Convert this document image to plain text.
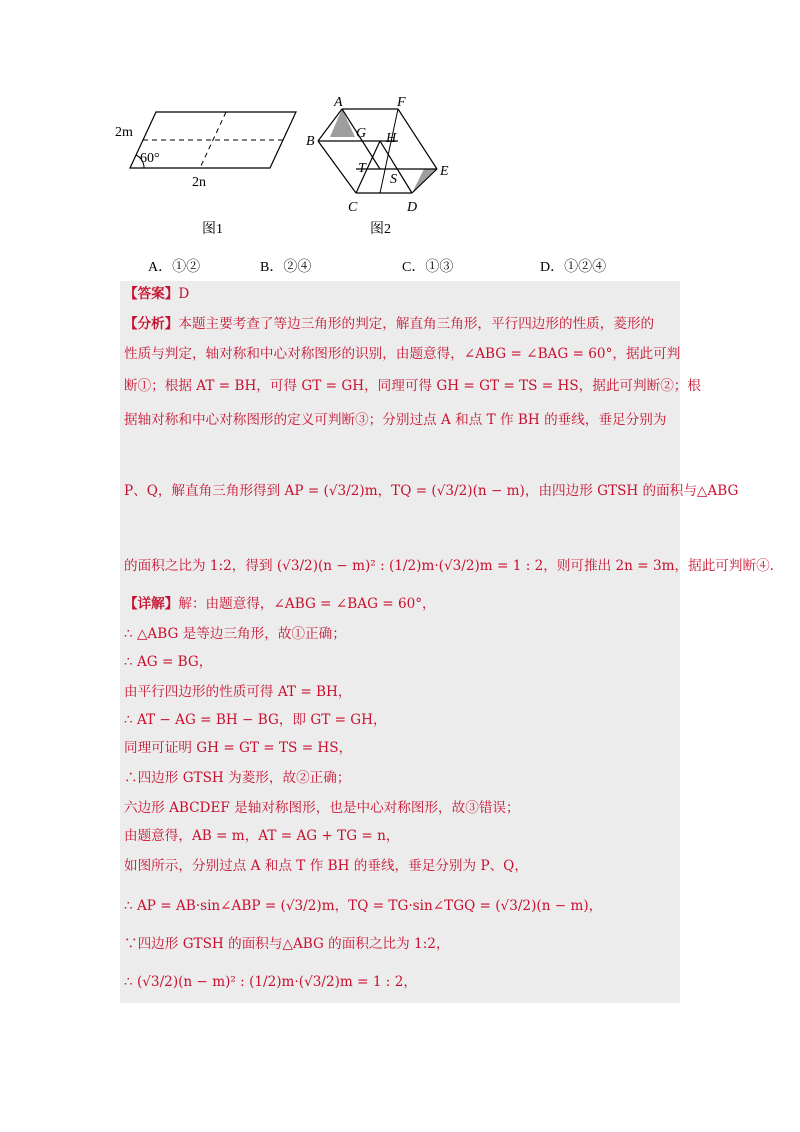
2m
60°
2n
图1
A	F
B
G H
T
S
E
C	D
图2
A．①②	B．②④	C．①③	D．①②④
【答案】D
【分析】本题主要考查了等边三角形的判定，解直角三角形，平行四边形的性质，菱形的
性质与判定，轴对称和中心对称图形的识别，由题意得，∠ABG = ∠BAG = 60°，据此可判
断①；根据 AT = BH，可得 GT = GH，同理可得 GH = GT = TS = HS，据此可判断②；根
据轴对称和中心对称图形的定义可判断③；分别过点 A 和点 T 作 BH 的垂线，垂足分别为
P、Q，解直角三角形得到 AP = (√3/2)m，TQ = (√3/2)(n − m)，由四边形 GTSH 的面积与△ABG
的面积之比为 1:2，得到 (√3/2)(n − m)² : (1/2)m·(√3/2)m = 1 : 2，则可推出 2n = 3m，据此可判断④.
【详解】解：由题意得，∠ABG = ∠BAG = 60°，
∴ △ABG 是等边三角形，故①正确；
∴ AG = BG，
由平行四边形的性质可得 AT = BH，
∴ AT − AG = BH − BG，即 GT = GH，
同理可证明 GH = GT = TS = HS，
∴四边形 GTSH 为菱形，故②正确；
六边形 ABCDEF 是轴对称图形，也是中心对称图形，故③错误；
由题意得，AB = m，AT = AG + TG = n，
如图所示，分别过点 A 和点 T 作 BH 的垂线，垂足分别为 P、Q，
∴ AP = AB·sin∠ABP = (√3/2)m，TQ = TG·sin∠TGQ = (√3/2)(n − m)，
∵四边形 GTSH 的面积与△ABG 的面积之比为 1:2，
∴ (√3/2)(n − m)² : (1/2)m·(√3/2)m = 1 : 2，
